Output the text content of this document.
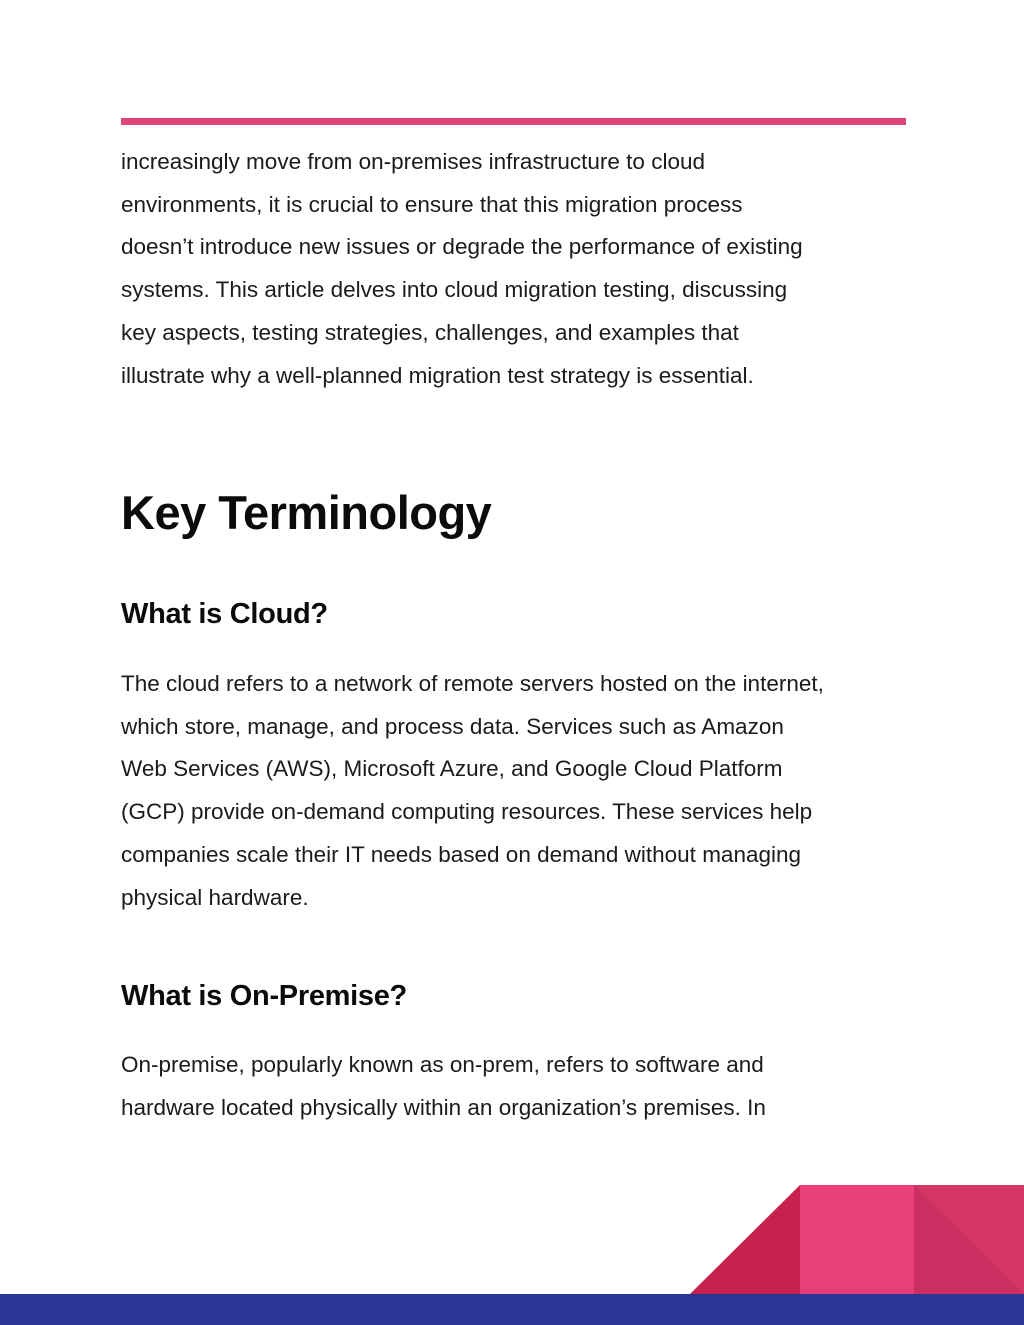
increasingly move from on-premises infrastructure to cloud
environments, it is crucial to ensure that this migration process
doesn’t introduce new issues or degrade the performance of existing
systems. This article delves into cloud migration testing, discussing
key aspects, testing strategies, challenges, and examples that
illustrate why a well-planned migration test strategy is essential.

Key Terminology
What is Cloud?

The cloud refers to a network of remote servers hosted on the internet,
which store, manage, and process data. Services such as Amazon
Web Services (AWS), Microsoft Azure, and Google Cloud Platform
(GCP) provide on-demand computing resources. These services help
companies scale their IT needs based on demand without managing
physical hardware.

What is On-Premise?

On-premise, popularly known as on-prem, refers to software and
hardware located physically within an organization’s premises. In
